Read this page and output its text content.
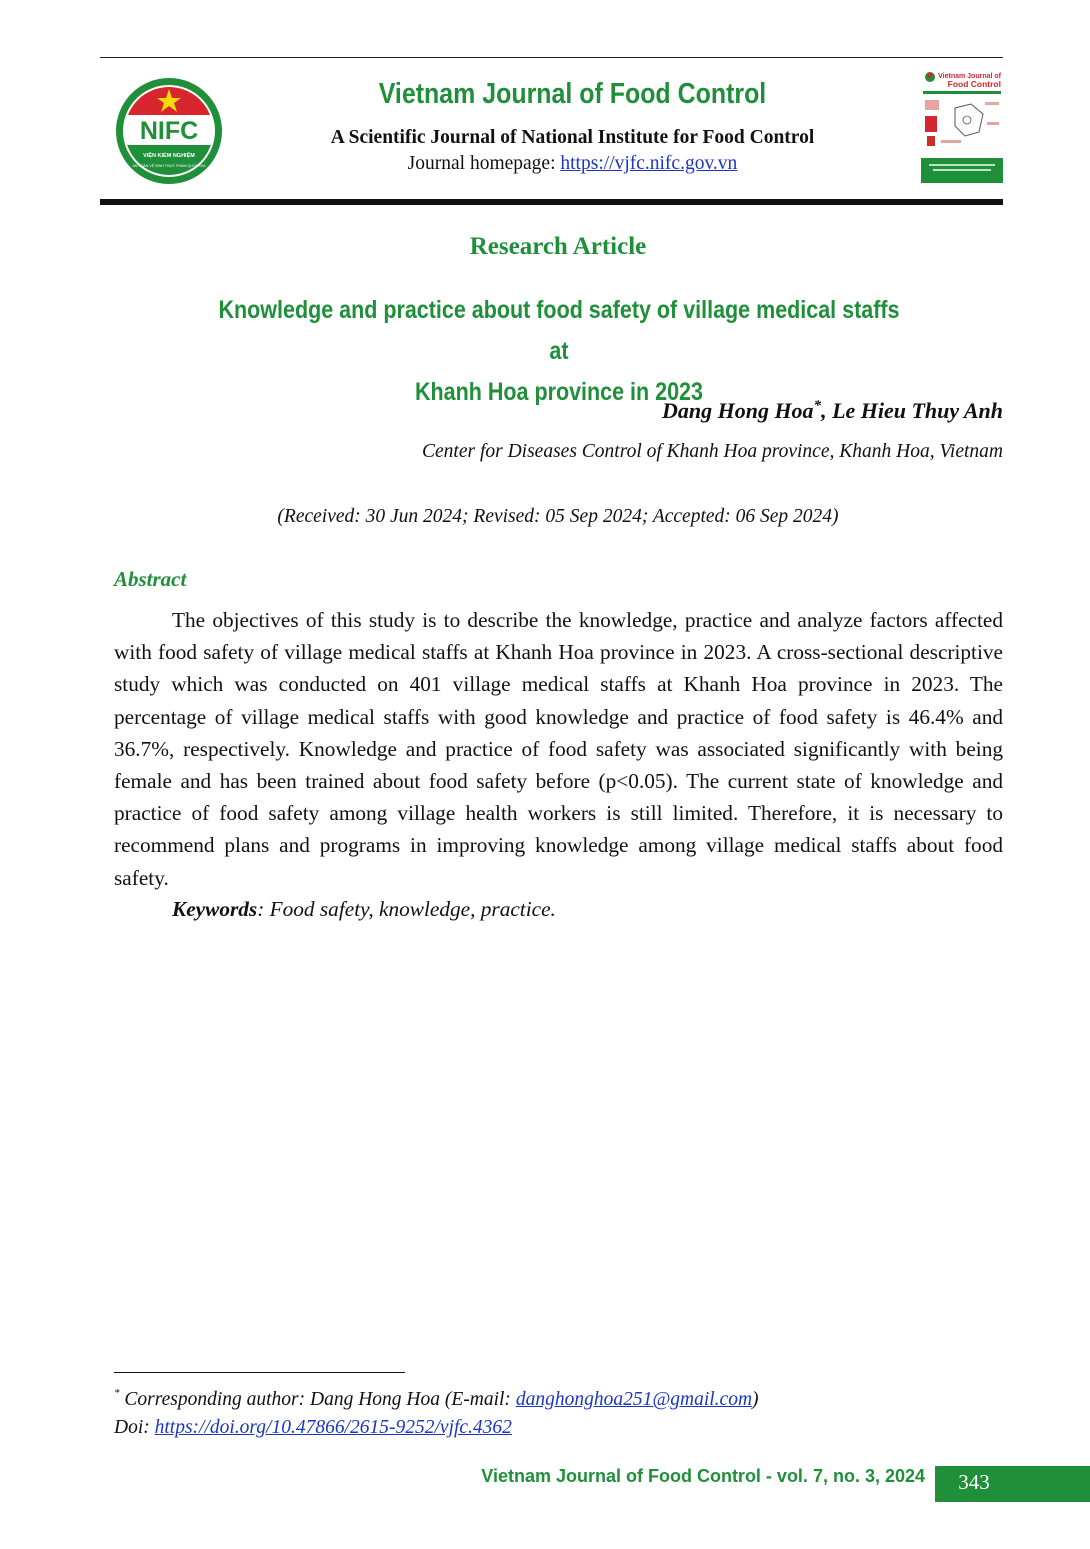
NIFC
VIỆN KIỂM NGHIỆM
AN TOÀN VỆ SINH THỰC PHẨM QUỐC GIA
Vietnam Journal of Food Control
A Scientific Journal of National Institute for Food Control
Journal homepage: https://vjfc.nifc.gov.vn
Vietnam Journal of
Food Control
Research Article
Knowledge and practice about food safety of village medical staffs at
Khanh Hoa province in 2023
Dang Hong Hoa*, Le Hieu Thuy Anh
Center for Diseases Control of Khanh Hoa province, Khanh Hoa, Vietnam
(Received: 30 Jun 2024; Revised: 05 Sep 2024; Accepted: 06 Sep 2024)
Abstract

The objectives of this study is to describe the knowledge, practice and analyze factors affected with food safety of village medical staffs at Khanh Hoa province in 2023. A cross-sectional descriptive study which was conducted on 401 village medical staffs at Khanh Hoa province in 2023. The percentage of village medical staffs with good knowledge and practice of food safety is 46.4% and 36.7%, respectively. Knowledge and practice of food safety was associated significantly with being female and has been trained about food safety before (p<0.05). The current state of knowledge and practice of food safety among village health workers is still limited. Therefore, it is necessary to recommend plans and programs in improving knowledge among village medical staffs about food safety.

Keywords: Food safety, knowledge, practice.
* Corresponding author: Dang Hong Hoa (E-mail: danghonghoa251@gmail.com)
Doi: https://doi.org/10.47866/2615-9252/vjfc.4362
Vietnam Journal of Food Control - vol. 7, no. 3, 2024	343
